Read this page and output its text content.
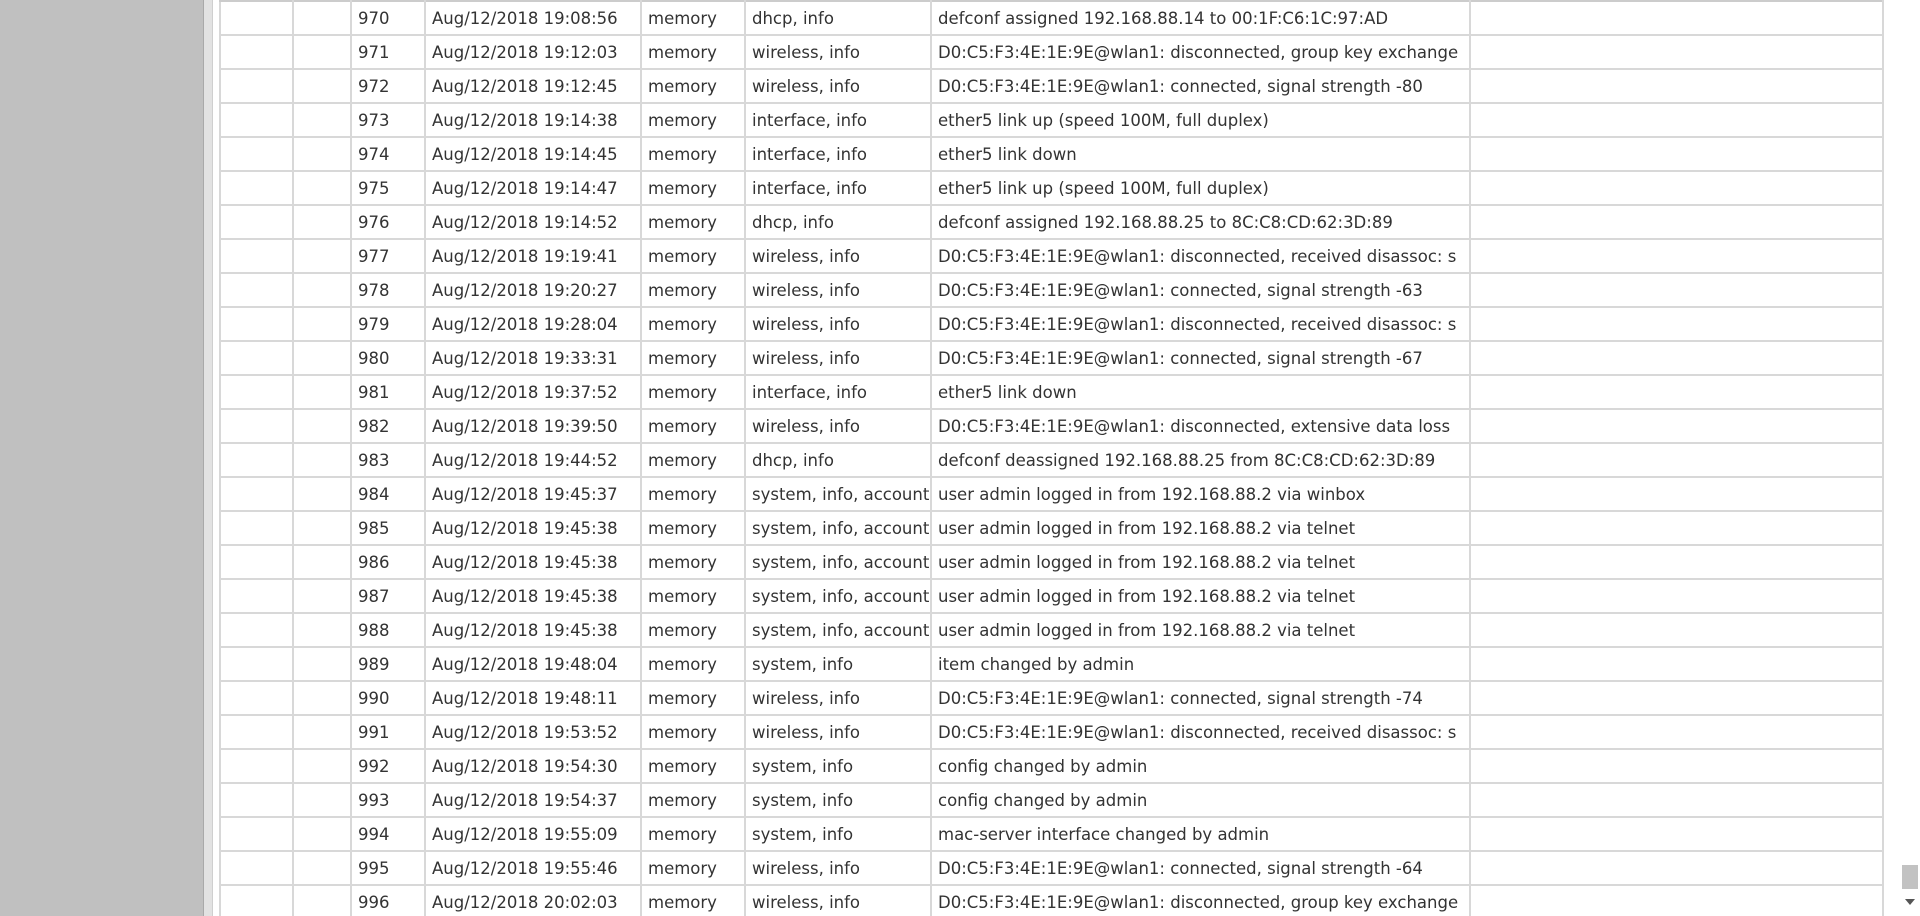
		970	Aug/12/2018 19:08:56	memory	dhcp, info	defconf assigned 192.168.88.14 to 00:1F:C6:1C:97:AD	
		971	Aug/12/2018 19:12:03	memory	wireless, info	D0:C5:F3:4E:1E:9E@wlan1: disconnected, group key exchange	
		972	Aug/12/2018 19:12:45	memory	wireless, info	D0:C5:F3:4E:1E:9E@wlan1: connected, signal strength -80	
		973	Aug/12/2018 19:14:38	memory	interface, info	ether5 link up (speed 100M, full duplex)	
		974	Aug/12/2018 19:14:45	memory	interface, info	ether5 link down	
		975	Aug/12/2018 19:14:47	memory	interface, info	ether5 link up (speed 100M, full duplex)	
		976	Aug/12/2018 19:14:52	memory	dhcp, info	defconf assigned 192.168.88.25 to 8C:C8:CD:62:3D:89	
		977	Aug/12/2018 19:19:41	memory	wireless, info	D0:C5:F3:4E:1E:9E@wlan1: disconnected, received disassoc: s	
		978	Aug/12/2018 19:20:27	memory	wireless, info	D0:C5:F3:4E:1E:9E@wlan1: connected, signal strength -63	
		979	Aug/12/2018 19:28:04	memory	wireless, info	D0:C5:F3:4E:1E:9E@wlan1: disconnected, received disassoc: s	
		980	Aug/12/2018 19:33:31	memory	wireless, info	D0:C5:F3:4E:1E:9E@wlan1: connected, signal strength -67	
		981	Aug/12/2018 19:37:52	memory	interface, info	ether5 link down	
		982	Aug/12/2018 19:39:50	memory	wireless, info	D0:C5:F3:4E:1E:9E@wlan1: disconnected, extensive data loss	
		983	Aug/12/2018 19:44:52	memory	dhcp, info	defconf deassigned 192.168.88.25 from 8C:C8:CD:62:3D:89	
		984	Aug/12/2018 19:45:37	memory	system, info, account	user admin logged in from 192.168.88.2 via winbox	
		985	Aug/12/2018 19:45:38	memory	system, info, account	user admin logged in from 192.168.88.2 via telnet	
		986	Aug/12/2018 19:45:38	memory	system, info, account	user admin logged in from 192.168.88.2 via telnet	
		987	Aug/12/2018 19:45:38	memory	system, info, account	user admin logged in from 192.168.88.2 via telnet	
		988	Aug/12/2018 19:45:38	memory	system, info, account	user admin logged in from 192.168.88.2 via telnet	
		989	Aug/12/2018 19:48:04	memory	system, info	item changed by admin	
		990	Aug/12/2018 19:48:11	memory	wireless, info	D0:C5:F3:4E:1E:9E@wlan1: connected, signal strength -74	
		991	Aug/12/2018 19:53:52	memory	wireless, info	D0:C5:F3:4E:1E:9E@wlan1: disconnected, received disassoc: s	
		992	Aug/12/2018 19:54:30	memory	system, info	config changed by admin	
		993	Aug/12/2018 19:54:37	memory	system, info	config changed by admin	
		994	Aug/12/2018 19:55:09	memory	system, info	mac-server interface changed by admin	
		995	Aug/12/2018 19:55:46	memory	wireless, info	D0:C5:F3:4E:1E:9E@wlan1: connected, signal strength -64	
		996	Aug/12/2018 20:02:03	memory	wireless, info	D0:C5:F3:4E:1E:9E@wlan1: disconnected, group key exchange	
